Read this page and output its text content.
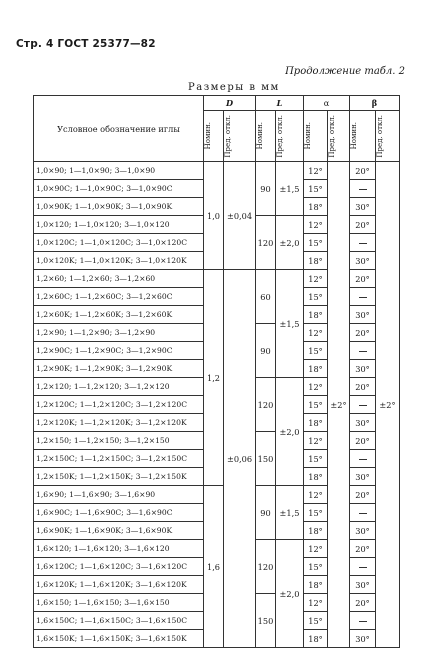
Стр. 4 ГОСТ 25377—82
Продолжение табл. 2
Размеры в мм
Условное обозначение иглы	D		L		α		β	

	Номин.	Пред. откл.	Номин.	Пред. откл.	Номин.	Пред. откл.	Номин.	Пред. откл.

1,0×90; 1—1,0×90; 3—1,0×90	1,0	±0,04	90	±1,5	12°	±2°	20°	±2°
1,0×90C; 1—1,0×90C; 3—1,0×90C					15°			
1,0×90K; 1—1,0×90K; 3—1,0×90K					18°		30°	
1,0×120; 1—1,0×120; 3—1,0×120			120	±2,0	12°		20°	
1,0×120C; 1—1,0×120C; 3—1,0×120C					15°			
1,0×120K; 1—1,0×120K; 3—1,0×120K					18°		30°	
1,2×60; 1—1,2×60; 3—1,2×60	1,2	±0,06	60	±1,5	12°		20°	
1,2×60C; 1—1,2×60C; 3—1,2×60C					15°			
1,2×60K; 1—1,2×60K; 3—1,2×60K					18°		30°	
1,2×90; 1—1,2×90; 3—1,2×90			90		12°		20°	
1,2×90C; 1—1,2×90C; 3—1,2×90C					15°			
1,2×90K; 1—1,2×90K; 3—1,2×90K					18°		30°	
1,2×120; 1—1,2×120; 3—1,2×120			120	±2,0	12°		20°	
1,2×120C; 1—1,2×120C; 3—1,2×120C					15°			
1,2×120K; 1—1,2×120K; 3—1,2×120K					18°		30°	
1,2×150; 1—1,2×150; 3—1,2×150			150		12°		20°	
1,2×150C; 1—1,2×150C; 3—1,2×150C					15°			
1,2×150K; 1—1,2×150K; 3—1,2×150K					18°		30°	
1,6×90; 1—1,6×90; 3—1,6×90	1,6		90	±1,5	12°		20°	
1,6×90C; 1—1,6×90C; 3—1,6×90C					15°			
1,6×90K; 1—1,6×90K; 3—1,6×90K					18°		30°	
1,6×120; 1—1,6×120; 3—1,6×120			120	±2,0	12°		20°	
1,6×120C; 1—1,6×120C; 3—1,6×120C					15°			
1,6×120K; 1—1,6×120K; 3—1,6×120K					18°		30°	
1,6×150; 1—1,6×150; 3—1,6×150			150		12°		20°	
1,6×150C; 1—1,6×150C; 3—1,6×150C					15°			
1,6×150K; 1—1,6×150K; 3—1,6×150K					18°		30°	
